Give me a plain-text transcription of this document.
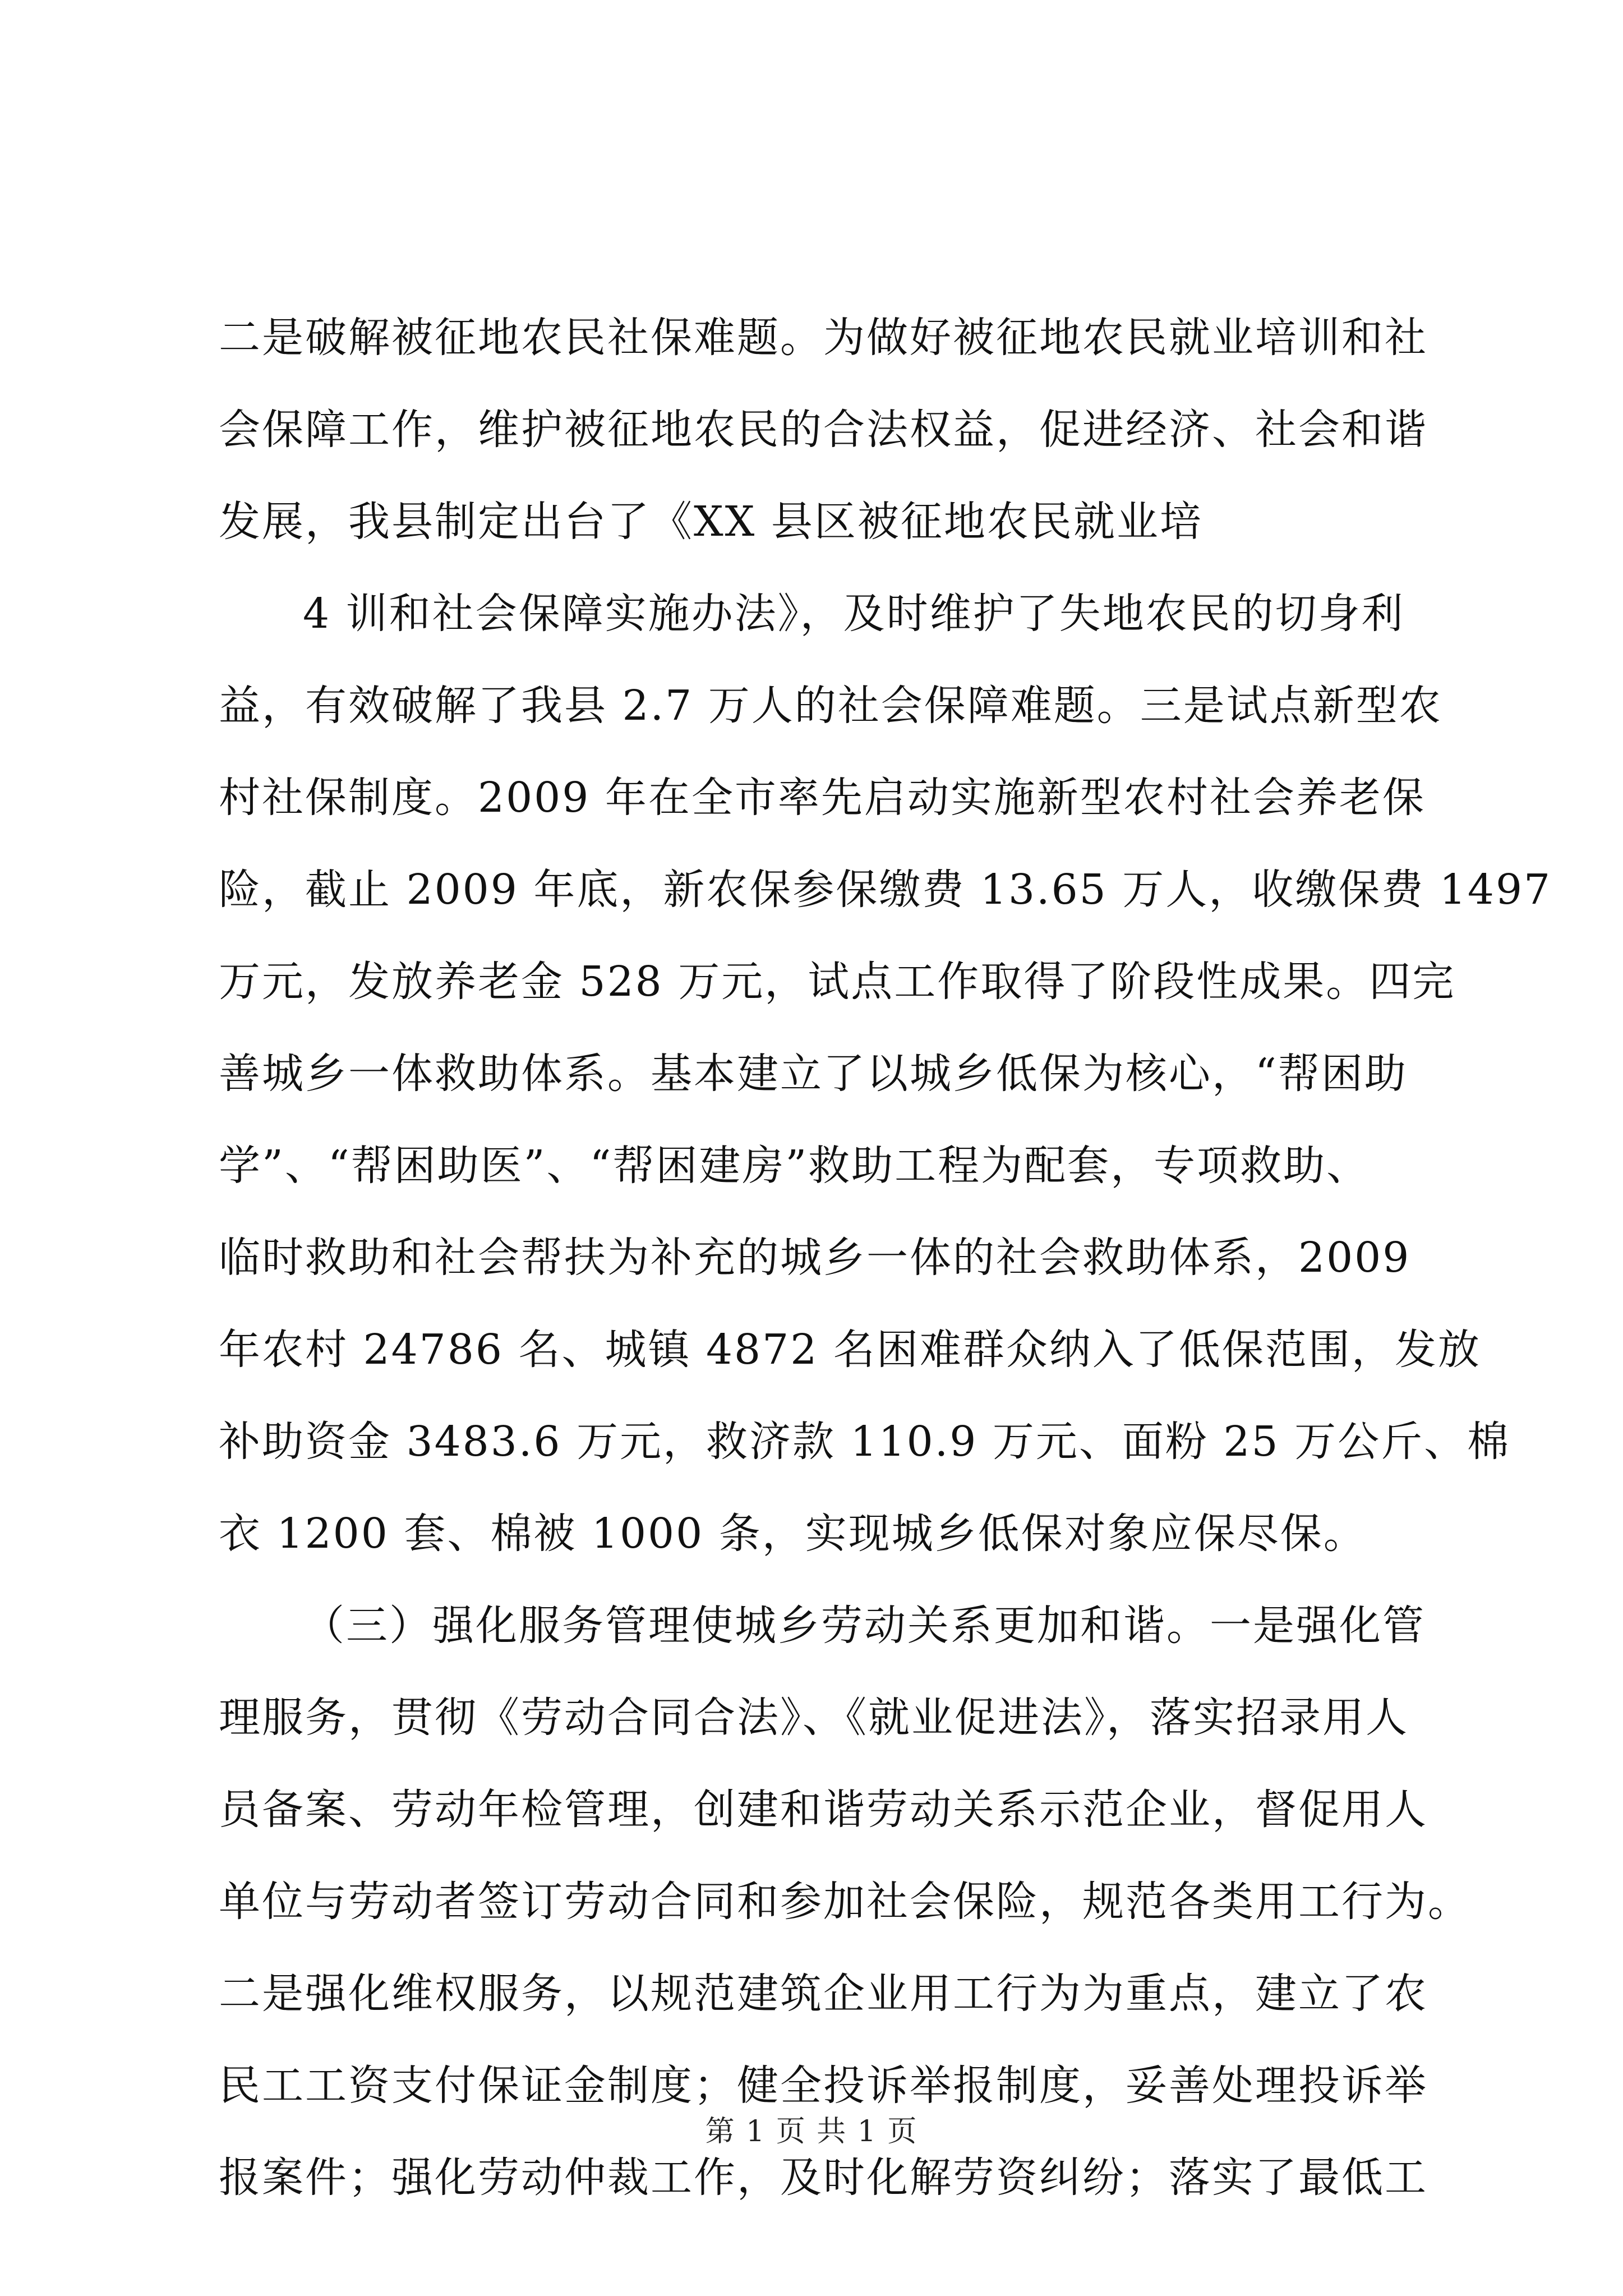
二是破解被征地农民社保难题。为做好被征地农民就业培训和社
会保障工作，维护被征地农民的合法权益，促进经济、社会和谐
发展，我县制定出台了《XX 县区被征地农民就业培
4 训和社会保障实施办法》，及时维护了失地农民的切身利
益，有效破解了我县 2.7 万人的社会保障难题。三是试点新型农
村社保制度。2009 年在全市率先启动实施新型农村社会养老保
险，截止 2009 年底，新农保参保缴费 13.65 万人，收缴保费 1497
万元，发放养老金 528 万元，试点工作取得了阶段性成果。四完
善城乡一体救助体系。基本建立了以城乡低保为核心，“帮困助
学”、“帮困助医”、“帮困建房”救助工程为配套，专项救助、
临时救助和社会帮扶为补充的城乡一体的社会救助体系，2009
年农村 24786 名、城镇 4872 名困难群众纳入了低保范围，发放
补助资金 3483.6 万元，救济款 110.9 万元、面粉 25 万公斤、棉
衣 1200 套、棉被 1000 条，实现城乡低保对象应保尽保。
（三）强化服务管理使城乡劳动关系更加和谐。一是强化管
理服务，贯彻《劳动合同合法》、《就业促进法》，落实招录用人
员备案、劳动年检管理，创建和谐劳动关系示范企业，督促用人
单位与劳动者签订劳动合同和参加社会保险，规范各类用工行为。
二是强化维权服务，以规范建筑企业用工行为为重点，建立了农
民工工资支付保证金制度；健全投诉举报制度，妥善处理投诉举
报案件；强化劳动仲裁工作，及时化解劳资纠纷；落实了最低工
第 1 页 共 1 页
